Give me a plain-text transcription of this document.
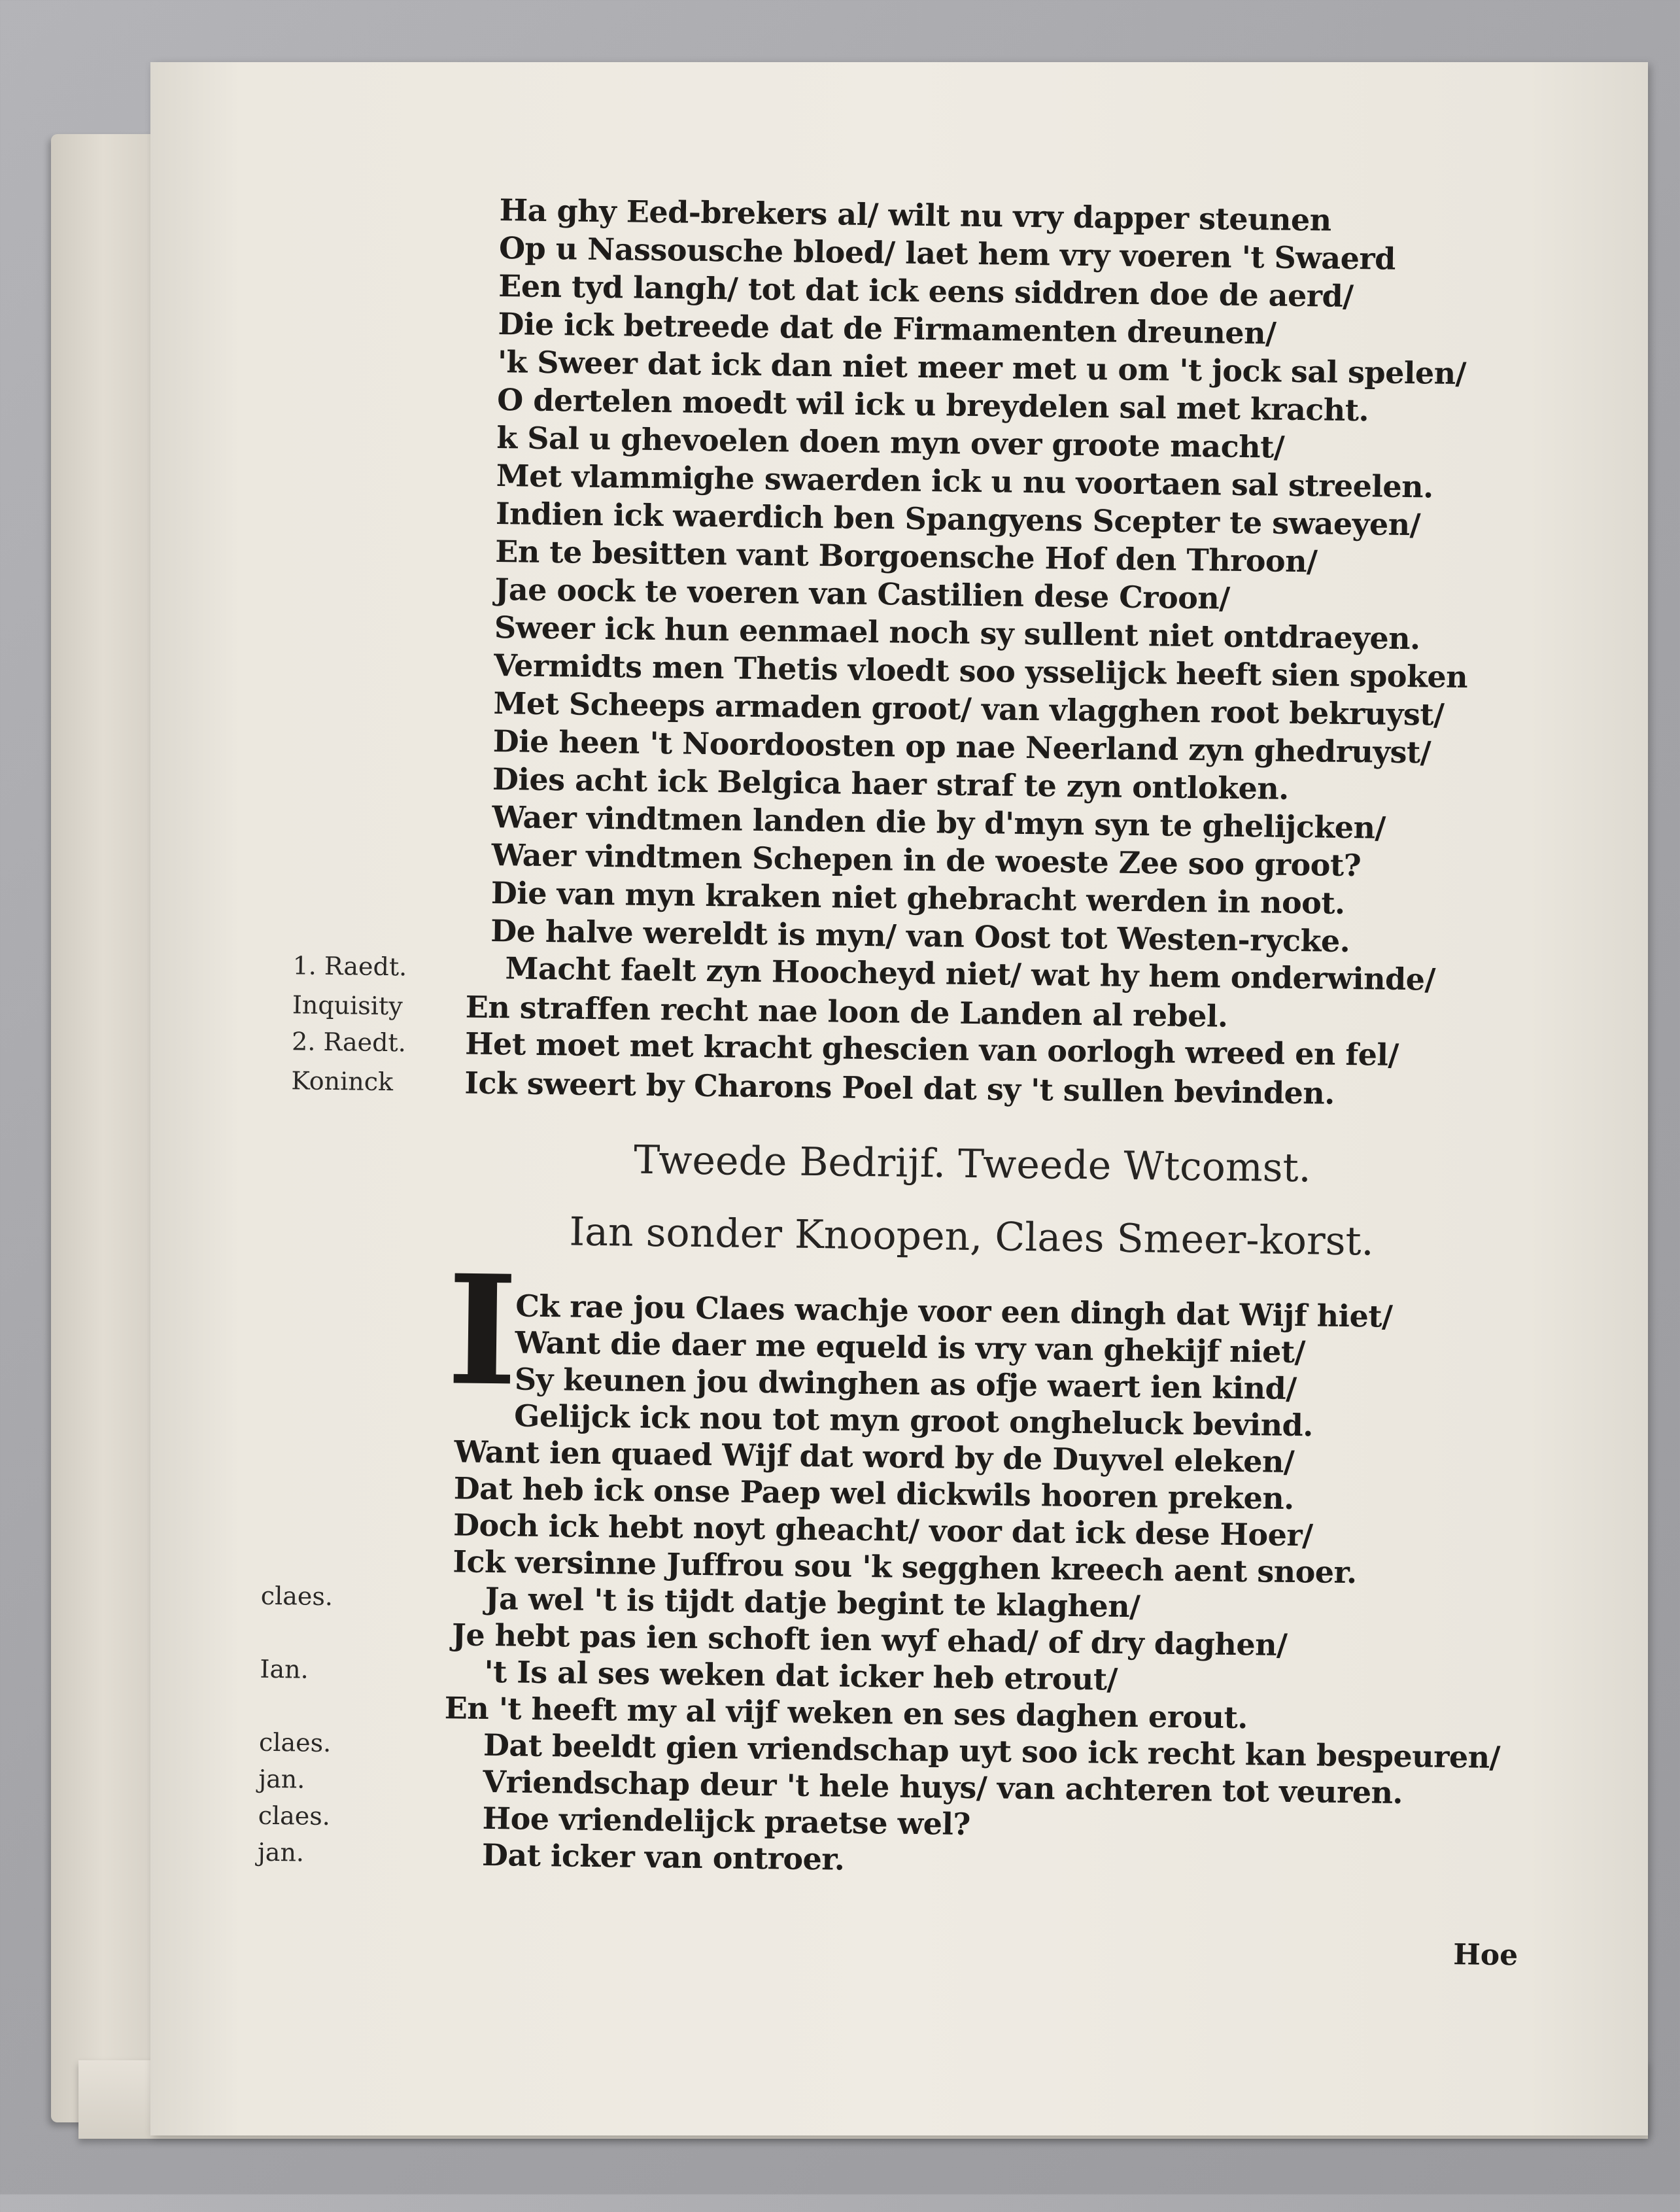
Tweede Bedrijf. Tweede Wtcomst.
Ian sonder Knoopen, Claes Smeer-korst.
I
Hoe
Ha ghy Eed-brekers al/ wilt nu vry dapper steunen
Op u Nassousche bloed/ laet hem vry voeren 't Swaerd
Een tyd langh/ tot dat ick eens siddren doe de aerd/
Die ick betreede dat de Firmamenten dreunen/
'k Sweer dat ick dan niet meer met u om 't jock sal spelen/
O dertelen moedt wil ick u breydelen sal met kracht.
k Sal u ghevoelen doen myn over groote macht/
Met vlammighe swaerden ick u nu voortaen sal streelen.
Indien ick waerdich ben Spangyens Scepter te swaeyen/
En te besitten vant Borgoensche Hof den Throon/
Jae oock te voeren van Castilien dese Croon/
Sweer ick hun eenmael noch sy sullent niet ontdraeyen.
Vermidts men Thetis vloedt soo ysselijck heeft sien spoken
Met Scheeps armaden groot/ van vlagghen root bekruyst/
Die heen 't Noordoosten op nae Neerland zyn ghedruyst/
Dies acht ick Belgica haer straf te zyn ontloken.
Waer vindtmen landen die by d'myn syn te ghelijcken/
Waer vindtmen Schepen in de woeste Zee soo groot?
Die van myn kraken niet ghebracht werden in noot.
De halve wereldt is myn/ van Oost tot Westen-rycke.
1. Raedt.	Macht faelt zyn Hoocheyd niet/ wat hy hem onderwinde/
Inquisity En straffen recht nae loon de Landen al rebel.
2. Raedt. Het moet met kracht ghescien van oorlogh wreed en fel/
Koninck Ick sweert by Charons Poel dat sy 't sullen bevinden.
Ck rae jou Claes wachje voor een dingh dat Wijf hiet/
Want die daer me equeld is vry van ghekijf niet/
Sy keunen jou dwinghen as ofje waert ien kind/
Gelijck ick nou tot myn groot ongheluck bevind.
Want ien quaed Wijf dat word by de Duyvel eleken/
Dat heb ick onse Paep wel dickwils hooren preken.
Doch ick hebt noyt gheacht/ voor dat ick dese Hoer/
Ick versinne Juffrou sou 'k segghen kreech aent snoer.
claes.	Ja wel 't is tijdt datje begint te klaghen/
Je hebt pas ien schoft ien wyf ehad/ of dry daghen/
Ian.	't Is al ses weken dat icker heb etrout/
En 't heeft my al vijf weken en ses daghen erout.
claes.	Dat beeldt gien vriendschap uyt soo ick recht kan bespeuren/
jan.	Vriendschap deur 't hele huys/ van achteren tot veuren.
claes.	Hoe vriendelijck praetse wel?
jan.	Dat icker van ontroer.
